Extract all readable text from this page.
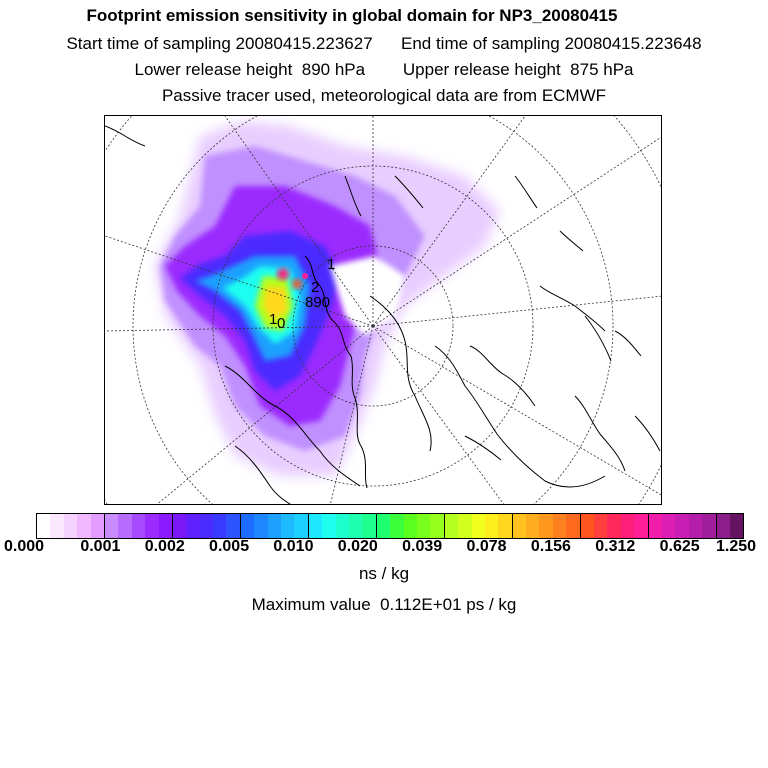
Footprint emission sensitivity in global domain for NP3_20080415
Start time of sampling 20080415.223627      End time of sampling 20080415.223648
Lower release height  890 hPa        Upper release height  875 hPa
Passive tracer used, meteorological data are from ECMWF
1
2
890
1 0
0.000 0.001 0.002 0.005 0.010 0.020 0.039 0.078 0.156 0.312 0.625 1.250
ns / kg
Maximum value  0.112E+01 ps / kg
